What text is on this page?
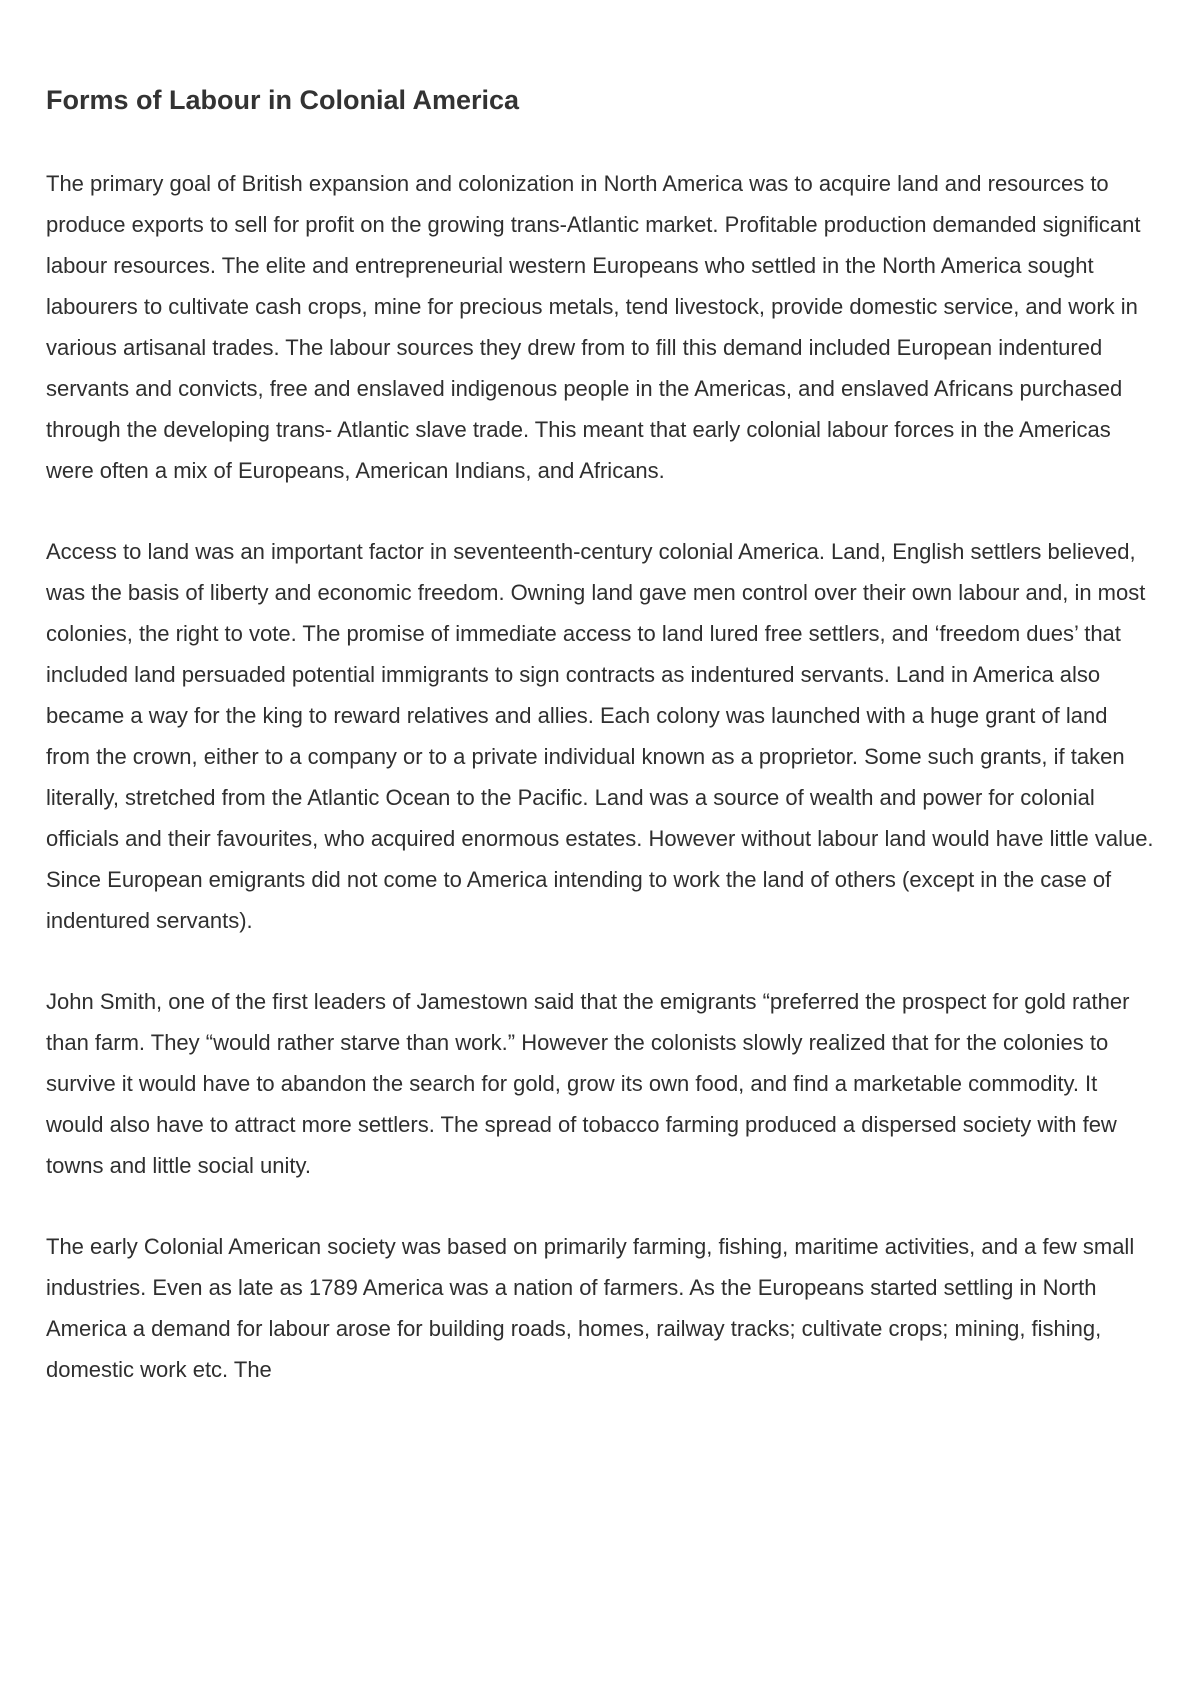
Forms of Labour in Colonial America

The primary goal of British expansion and colonization in North America was to acquire land and resources to produce exports to sell for profit on the growing trans-Atlantic market. Profitable production demanded significant labour resources. The elite and entrepreneurial western Europeans who settled in the North America sought labourers to cultivate cash crops, mine for precious metals, tend livestock, provide domestic service, and work in various artisanal trades. The labour sources they drew from to fill this demand included European indentured servants and convicts, free and enslaved indigenous people in the Americas, and enslaved Africans purchased through the developing trans- Atlantic slave trade. This meant that early colonial labour forces in the Americas were often a mix of Europeans, American Indians, and Africans.

Access to land was an important factor in seventeenth-century colonial America. Land, English settlers believed, was the basis of liberty and economic freedom. Owning land gave men control over their own labour and, in most colonies, the right to vote. The promise of immediate access to land lured free settlers, and ‘freedom dues’ that included land persuaded potential immigrants to sign contracts as indentured servants. Land in America also became a way for the king to reward relatives and allies. Each colony was launched with a huge grant of land from the crown, either to a company or to a private individual known as a proprietor. Some such grants, if taken literally, stretched from the Atlantic Ocean to the Pacific. Land was a source of wealth and power for colonial officials and their favourites, who acquired enormous estates. However without labour land would have little value. Since European emigrants did not come to America intending to work the land of others (except in the case of indentured servants).

John Smith, one of the first leaders of Jamestown said that the emigrants “preferred the prospect for gold rather than farm. They “would rather starve than work.” However the colonists slowly realized that for the colonies to survive it would have to abandon the search for gold, grow its own food, and find a marketable commodity. It would also have to attract more settlers. The spread of tobacco farming produced a dispersed society with few towns and little social unity.

The early Colonial American society was based on primarily farming, fishing, maritime activities, and a few small industries. Even as late as 1789 America was a nation of farmers. As the Europeans started settling in North America a demand for labour arose for building roads, homes, railway tracks; cultivate crops; mining, fishing, domestic work etc. The
